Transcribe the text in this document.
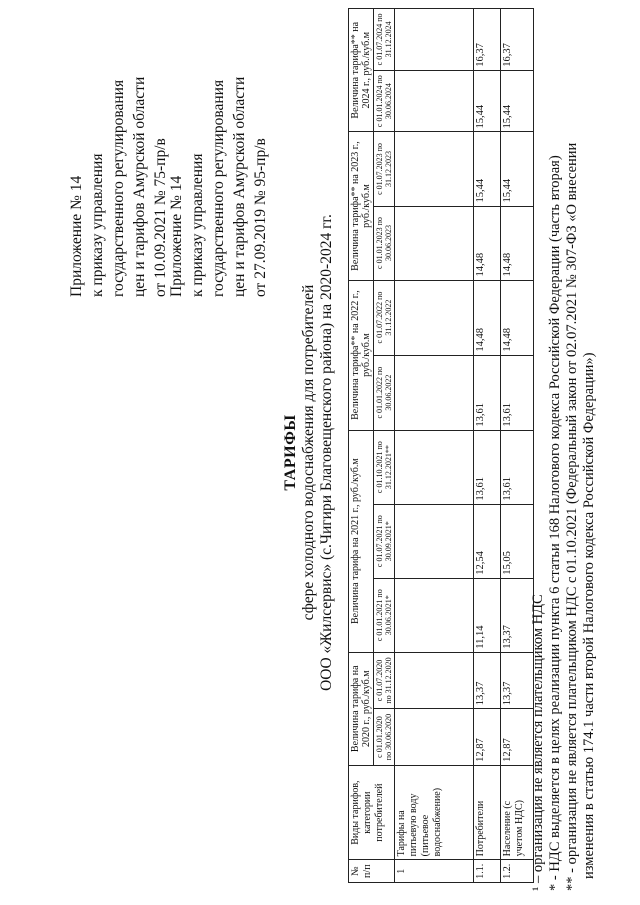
Приложение № 14 к приказу управления государственного регулирования цен и тарифов Амурской области от 10.09.2021 № 75-пр/в Приложение № 14 к приказу управления государственного регулирования цен и тарифов Амурской области от 27.09.2019 № 95-пр/в
ТАРИФЫ сфере холодного водоснабжения для потребителей ООО «Жилсервис» (с.Чигири Благовещенского района) на 2020-2024 гг.
№ п/п	Виды тарифов, категории потребителей	Величина тарифа на 2020 г., руб./куб.м		Величина тарифа на 2021 г., руб./куб.м			Величина тарифа** на 2022 г., руб./куб.м		Величина тарифа** на 2023 г., руб./куб.м		Величина тарифа** на 2024 г., руб./куб.м	
		с 01.01.2020 по 30.06.2020	с 01.07.2020 по 31.12.2020	с 01.01.2021 по 30.06.2021*	с 01.07.2021 по 30.09.2021*	с 01.10.2021 по 31.12.2021**	с 01.01.2022 по 30.06.2022	с 01.07.2022 по 31.12.2022	с 01.01.2023 по 30.06.2023	с 01.07.2023 по 31.12.2023	с 01.01.2024 по 30.06.2024	с 01.07.2024 по 31.12.2024
1	Тарифы на питьевую воду (питьевое водоснабжение)											
1.1.	Потребители	12,87	13,37	11,14	12,54	13,61	13,61	14,48	14,48	15,44	15,44	16,37
1.2.	Население (с учетом НДС)	12,87	13,37	13,37	15,05	13,61	13,61	14,48	14,48	15,44	15,44	16,37
¹ – организация не является плательщиком НДС * - НДС выделяется в целях реализации пункта 6 статьи 168 Налогового кодекса Российской Федерации (часть вторая) ** - организация не является плательщиком НДС с 01.10.2021 (Федеральный закон от 02.07.2021 № 307-ФЗ «О внесении изменения в статью 174.1 части второй Налогового кодекса Российской Федерации»)
